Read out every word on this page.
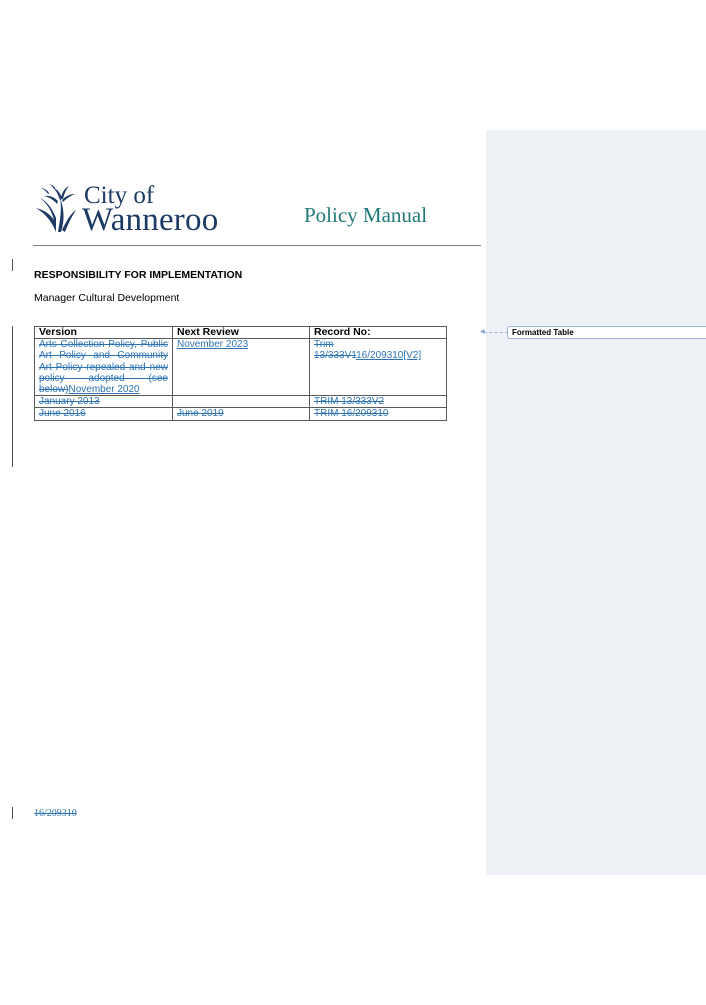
City of
Wanneroo	Policy Manual
RESPONSIBILITY FOR IMPLEMENTATION
Manager Cultural Development
Version	Next Review	Record No:
Arts Collection Policy, Public Art Policy and Community Art Policy repealed and new policy adopted (see below)November 2020	November 2023	Trim 13/333V116/209310[V2]
January 2013		TRIM 13/333V2
June 2016	June 2019	TRIM 16/209310
◀	Formatted Table
16/209310
